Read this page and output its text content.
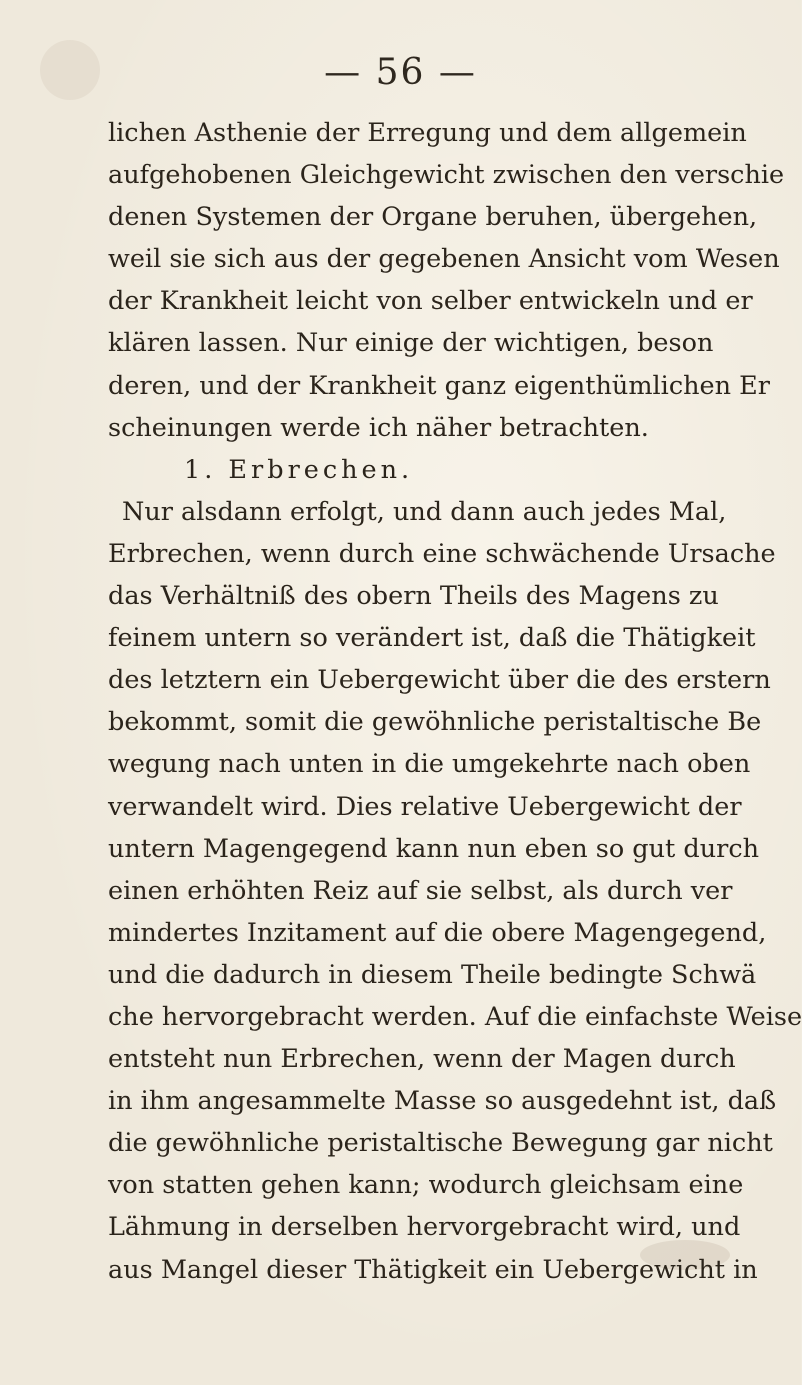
— 56 —
lichen Asthenie der Erregung und dem allgemein
aufgehobenen Gleichgewicht zwischen den verschie
denen Systemen der Organe beruhen, übergehen,
weil sie sich aus der gegebenen Ansicht vom Wesen
der Krankheit leicht von selber entwickeln und er
klären lassen. Nur einige der wichtigen, beson
deren, und der Krankheit ganz eigenthümlichen Er
scheinungen werde ich näher betrachten.
1. Erbrechen.
Nur alsdann erfolgt, und dann auch jedes Mal,
Erbrechen, wenn durch eine schwächende Ursache
das Verhältniß des obern Theils des Magens zu
feinem untern so verändert ist, daß die Thätigkeit
des letztern ein Uebergewicht über die des erstern
bekommt, somit die gewöhnliche peristaltische Be
wegung nach unten in die umgekehrte nach oben
verwandelt wird. Dies relative Uebergewicht der
untern Magengegend kann nun eben so gut durch
einen erhöhten Reiz auf sie selbst, als durch ver
mindertes Inzitament auf die obere Magengegend,
und die dadurch in diesem Theile bedingte Schwä
che hervorgebracht werden. Auf die einfachste Weise
entsteht nun Erbrechen, wenn der Magen durch
in ihm angesammelte Masse so ausgedehnt ist, daß
die gewöhnliche peristaltische Bewegung gar nicht
von statten gehen kann; wodurch gleichsam eine
Lähmung in derselben hervorgebracht wird, und
aus Mangel dieser Thätigkeit ein Uebergewicht in
